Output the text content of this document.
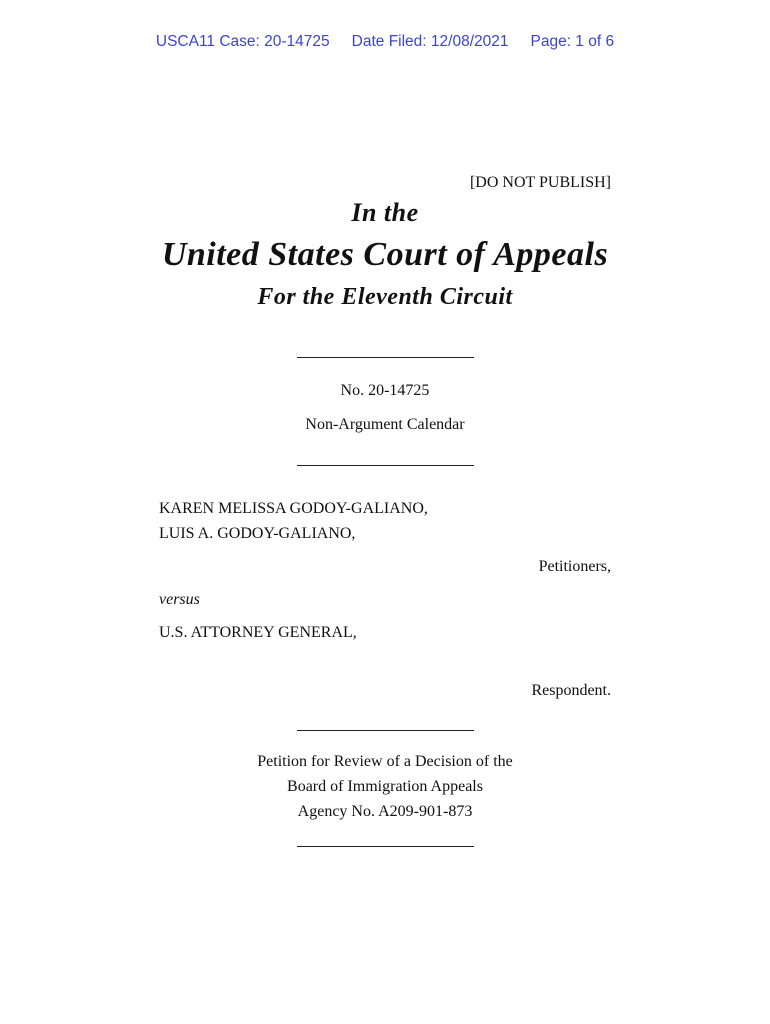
USCA11 Case: 20-14725 Date Filed: 12/08/2021 Page: 1 of 6
[DO NOT PUBLISH]
In the
United States Court of Appeals
For the Eleventh Circuit
No. 20-14725
Non-Argument Calendar
KAREN MELISSA GODOY-GALIANO,
LUIS A. GODOY-GALIANO,
Petitioners,
versus
U.S. ATTORNEY GENERAL,
Respondent.
Petition for Review of a Decision of the
Board of Immigration Appeals
Agency No. A209-901-873
